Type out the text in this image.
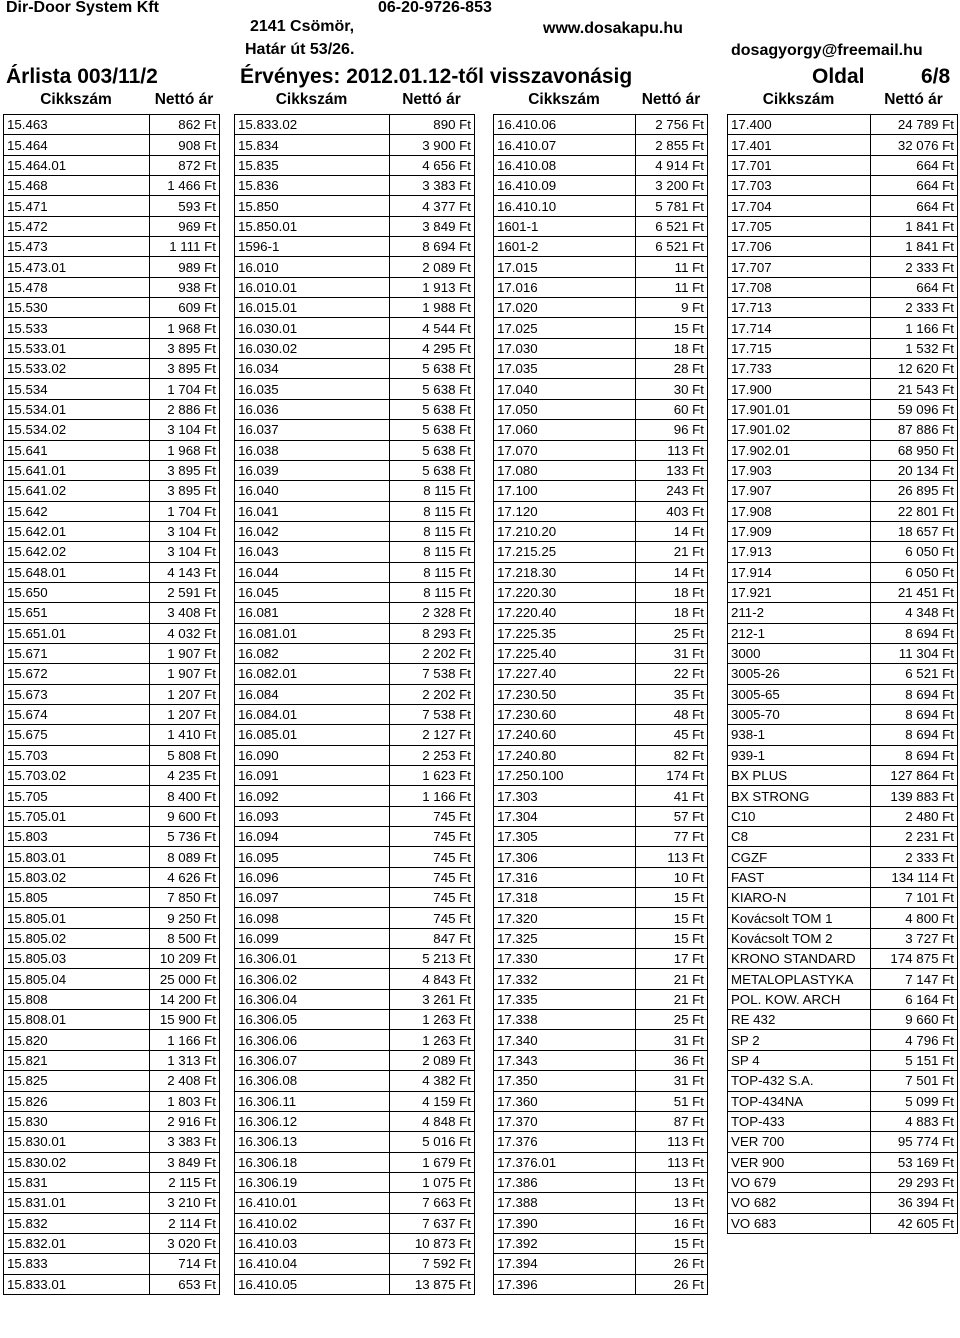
Dir-Door System Kft	06-20-9726-853
2141 Csömör,
Határ út 53/26.
www.dosakapu.hu
dosagyorgy@freemail.hu
Árlista 003/11/2	Érvényes: 2012.01.12-től visszavonásig	Oldal	6/8
Cikkszám	Nettó ár
15.463	862 Ft
15.464	908 Ft
15.464.01	872 Ft
15.468	1 466 Ft
15.471	593 Ft
15.472	969 Ft
15.473	1 111 Ft
15.473.01	989 Ft
15.478	938 Ft
15.530	609 Ft
15.533	1 968 Ft
15.533.01	3 895 Ft
15.533.02	3 895 Ft
15.534	1 704 Ft
15.534.01	2 886 Ft
15.534.02	3 104 Ft
15.641	1 968 Ft
15.641.01	3 895 Ft
15.641.02	3 895 Ft
15.642	1 704 Ft
15.642.01	3 104 Ft
15.642.02	3 104 Ft
15.648.01	4 143 Ft
15.650	2 591 Ft
15.651	3 408 Ft
15.651.01	4 032 Ft
15.671	1 907 Ft
15.672	1 907 Ft
15.673	1 207 Ft
15.674	1 207 Ft
15.675	1 410 Ft
15.703	5 808 Ft
15.703.02	4 235 Ft
15.705	8 400 Ft
15.705.01	9 600 Ft
15.803	5 736 Ft
15.803.01	8 089 Ft
15.803.02	4 626 Ft
15.805	7 850 Ft
15.805.01	9 250 Ft
15.805.02	8 500 Ft
15.805.03	10 209 Ft
15.805.04	25 000 Ft
15.808	14 200 Ft
15.808.01	15 900 Ft
15.820	1 166 Ft
15.821	1 313 Ft
15.825	2 408 Ft
15.826	1 803 Ft
15.830	2 916 Ft
15.830.01	3 383 Ft
15.830.02	3 849 Ft
15.831	2 115 Ft
15.831.01	3 210 Ft
15.832	2 114 Ft
15.832.01	3 020 Ft
15.833	714 Ft
15.833.01	653 Ft
Cikkszám	Nettó ár
15.833.02	890 Ft
15.834	3 900 Ft
15.835	4 656 Ft
15.836	3 383 Ft
15.850	4 377 Ft
15.850.01	3 849 Ft
1596-1	8 694 Ft
16.010	2 089 Ft
16.010.01	1 913 Ft
16.015.01	1 988 Ft
16.030.01	4 544 Ft
16.030.02	4 295 Ft
16.034	5 638 Ft
16.035	5 638 Ft
16.036	5 638 Ft
16.037	5 638 Ft
16.038	5 638 Ft
16.039	5 638 Ft
16.040	8 115 Ft
16.041	8 115 Ft
16.042	8 115 Ft
16.043	8 115 Ft
16.044	8 115 Ft
16.045	8 115 Ft
16.081	2 328 Ft
16.081.01	8 293 Ft
16.082	2 202 Ft
16.082.01	7 538 Ft
16.084	2 202 Ft
16.084.01	7 538 Ft
16.085.01	2 127 Ft
16.090	2 253 Ft
16.091	1 623 Ft
16.092	1 166 Ft
16.093	745 Ft
16.094	745 Ft
16.095	745 Ft
16.096	745 Ft
16.097	745 Ft
16.098	745 Ft
16.099	847 Ft
16.306.01	5 213 Ft
16.306.02	4 843 Ft
16.306.04	3 261 Ft
16.306.05	1 263 Ft
16.306.06	1 263 Ft
16.306.07	2 089 Ft
16.306.08	4 382 Ft
16.306.11	4 159 Ft
16.306.12	4 848 Ft
16.306.13	5 016 Ft
16.306.18	1 679 Ft
16.306.19	1 075 Ft
16.410.01	7 663 Ft
16.410.02	7 637 Ft
16.410.03	10 873 Ft
16.410.04	7 592 Ft
16.410.05	13 875 Ft
Cikkszám	Nettó ár
16.410.06	2 756 Ft
16.410.07	2 855 Ft
16.410.08	4 914 Ft
16.410.09	3 200 Ft
16.410.10	5 781 Ft
1601-1	6 521 Ft
1601-2	6 521 Ft
17.015	11 Ft
17.016	11 Ft
17.020	9 Ft
17.025	15 Ft
17.030	18 Ft
17.035	28 Ft
17.040	30 Ft
17.050	60 Ft
17.060	96 Ft
17.070	113 Ft
17.080	133 Ft
17.100	243 Ft
17.120	403 Ft
17.210.20	14 Ft
17.215.25	21 Ft
17.218.30	14 Ft
17.220.30	18 Ft
17.220.40	18 Ft
17.225.35	25 Ft
17.225.40	31 Ft
17.227.40	22 Ft
17.230.50	35 Ft
17.230.60	48 Ft
17.240.60	45 Ft
17.240.80	82 Ft
17.250.100	174 Ft
17.303	41 Ft
17.304	57 Ft
17.305	77 Ft
17.306	113 Ft
17.316	10 Ft
17.318	15 Ft
17.320	15 Ft
17.325	15 Ft
17.330	17 Ft
17.332	21 Ft
17.335	21 Ft
17.338	25 Ft
17.340	31 Ft
17.343	36 Ft
17.350	31 Ft
17.360	51 Ft
17.370	87 Ft
17.376	113 Ft
17.376.01	113 Ft
17.386	13 Ft
17.388	13 Ft
17.390	16 Ft
17.392	15 Ft
17.394	26 Ft
17.396	26 Ft
Cikkszám	Nettó ár
17.400	24 789 Ft
17.401	32 076 Ft
17.701	664 Ft
17.703	664 Ft
17.704	664 Ft
17.705	1 841 Ft
17.706	1 841 Ft
17.707	2 333 Ft
17.708	664 Ft
17.713	2 333 Ft
17.714	1 166 Ft
17.715	1 532 Ft
17.733	12 620 Ft
17.900	21 543 Ft
17.901.01	59 096 Ft
17.901.02	87 886 Ft
17.902.01	68 950 Ft
17.903	20 134 Ft
17.907	26 895 Ft
17.908	22 801 Ft
17.909	18 657 Ft
17.913	6 050 Ft
17.914	6 050 Ft
17.921	21 451 Ft
211-2	4 348 Ft
212-1	8 694 Ft
3000	11 304 Ft
3005-26	6 521 Ft
3005-65	8 694 Ft
3005-70	8 694 Ft
938-1	8 694 Ft
939-1	8 694 Ft
BX PLUS	127 864 Ft
BX STRONG	139 883 Ft
C10	2 480 Ft
C8	2 231 Ft
CGZF	2 333 Ft
FAST	134 114 Ft
KIARO-N	7 101 Ft
Kovácsolt TOM 1	4 800 Ft
Kovácsolt TOM 2	3 727 Ft
KRONO STANDARD	174 875 Ft
METALOPLASTYKA	7 147 Ft
POL. KOW. ARCH	6 164 Ft
RE 432	9 660 Ft
SP 2	4 796 Ft
SP 4	5 151 Ft
TOP-432 S.A.	7 501 Ft
TOP-434NA	5 099 Ft
TOP-433	4 883 Ft
VER 700	95 774 Ft
VER 900	53 169 Ft
VO 679	29 293 Ft
VO 682	36 394 Ft
VO 683	42 605 Ft
